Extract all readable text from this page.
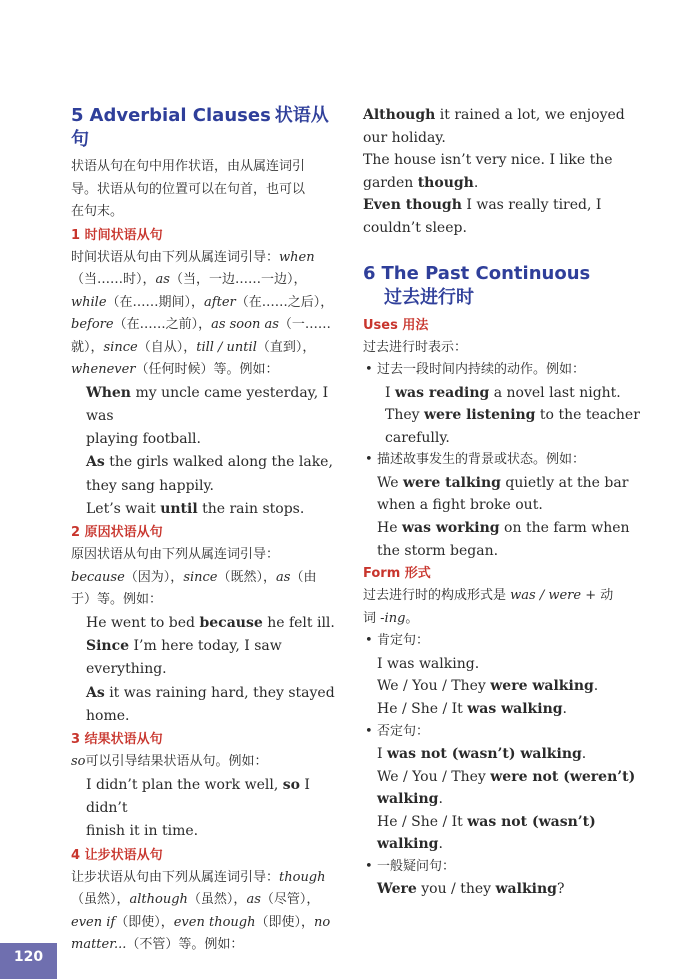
5 Adverbial Clauses 状语从句

状语从句在句中用作状语，由从属连词引

导。状语从句的位置可以在句首，也可以

在句末。

1 时间状语从句

时间状语从句由下列从属连词引导：when

（当……时），as（当，一边……一边），

while（在……期间），after（在……之后），

before（在……之前），as soon as（一……

就），since（自从），till / until（直到），

whenever（任何时候）等。例如：

When my uncle came yesterday, I was

playing football.

As the girls walked along the lake,

they sang happily.

Let’s wait until the rain stops.

2 原因状语从句

原因状语从句由下列从属连词引导：

because（因为），since（既然），as（由

于）等。例如：

He went to bed because he felt ill.

Since I’m here today, I saw

everything.

As it was raining hard, they stayed

home.

3 结果状语从句

so可以引导结果状语从句。例如：

I didn’t plan the work well, so I didn’t

finish it in time.

4 让步状语从句

让步状语从句由下列从属连词引导：though

（虽然），although（虽然），as（尽管），

even if（即使），even though（即使），no

matter...（不管）等。例如：

Although it rained a lot, we enjoyed

our holiday.

The house isn’t very nice. I like the

garden though.

Even though I was really tired, I

couldn’t sleep.

6 The Past Continuous
过去进行时

Uses 用法

过去进行时表示：

• 过去一段时间内持续的动作。例如：

I was reading a novel last night.

They were listening to the teacher

carefully.

• 描述故事发生的背景或状态。例如：

We were talking quietly at the bar

when a fight broke out.

He was working on the farm when

the storm began.

Form 形式

过去进行时的构成形式是 was / were + 动

词 -ing。

• 肯定句：

I was walking.

We / You / They were walking.

He / She / It was walking.

• 否定句：

I was not (wasn’t) walking.

We / You / They were not (weren’t)

walking.

He / She / It was not (wasn’t)

walking.

• 一般疑问句：

Were you / they walking?

120
